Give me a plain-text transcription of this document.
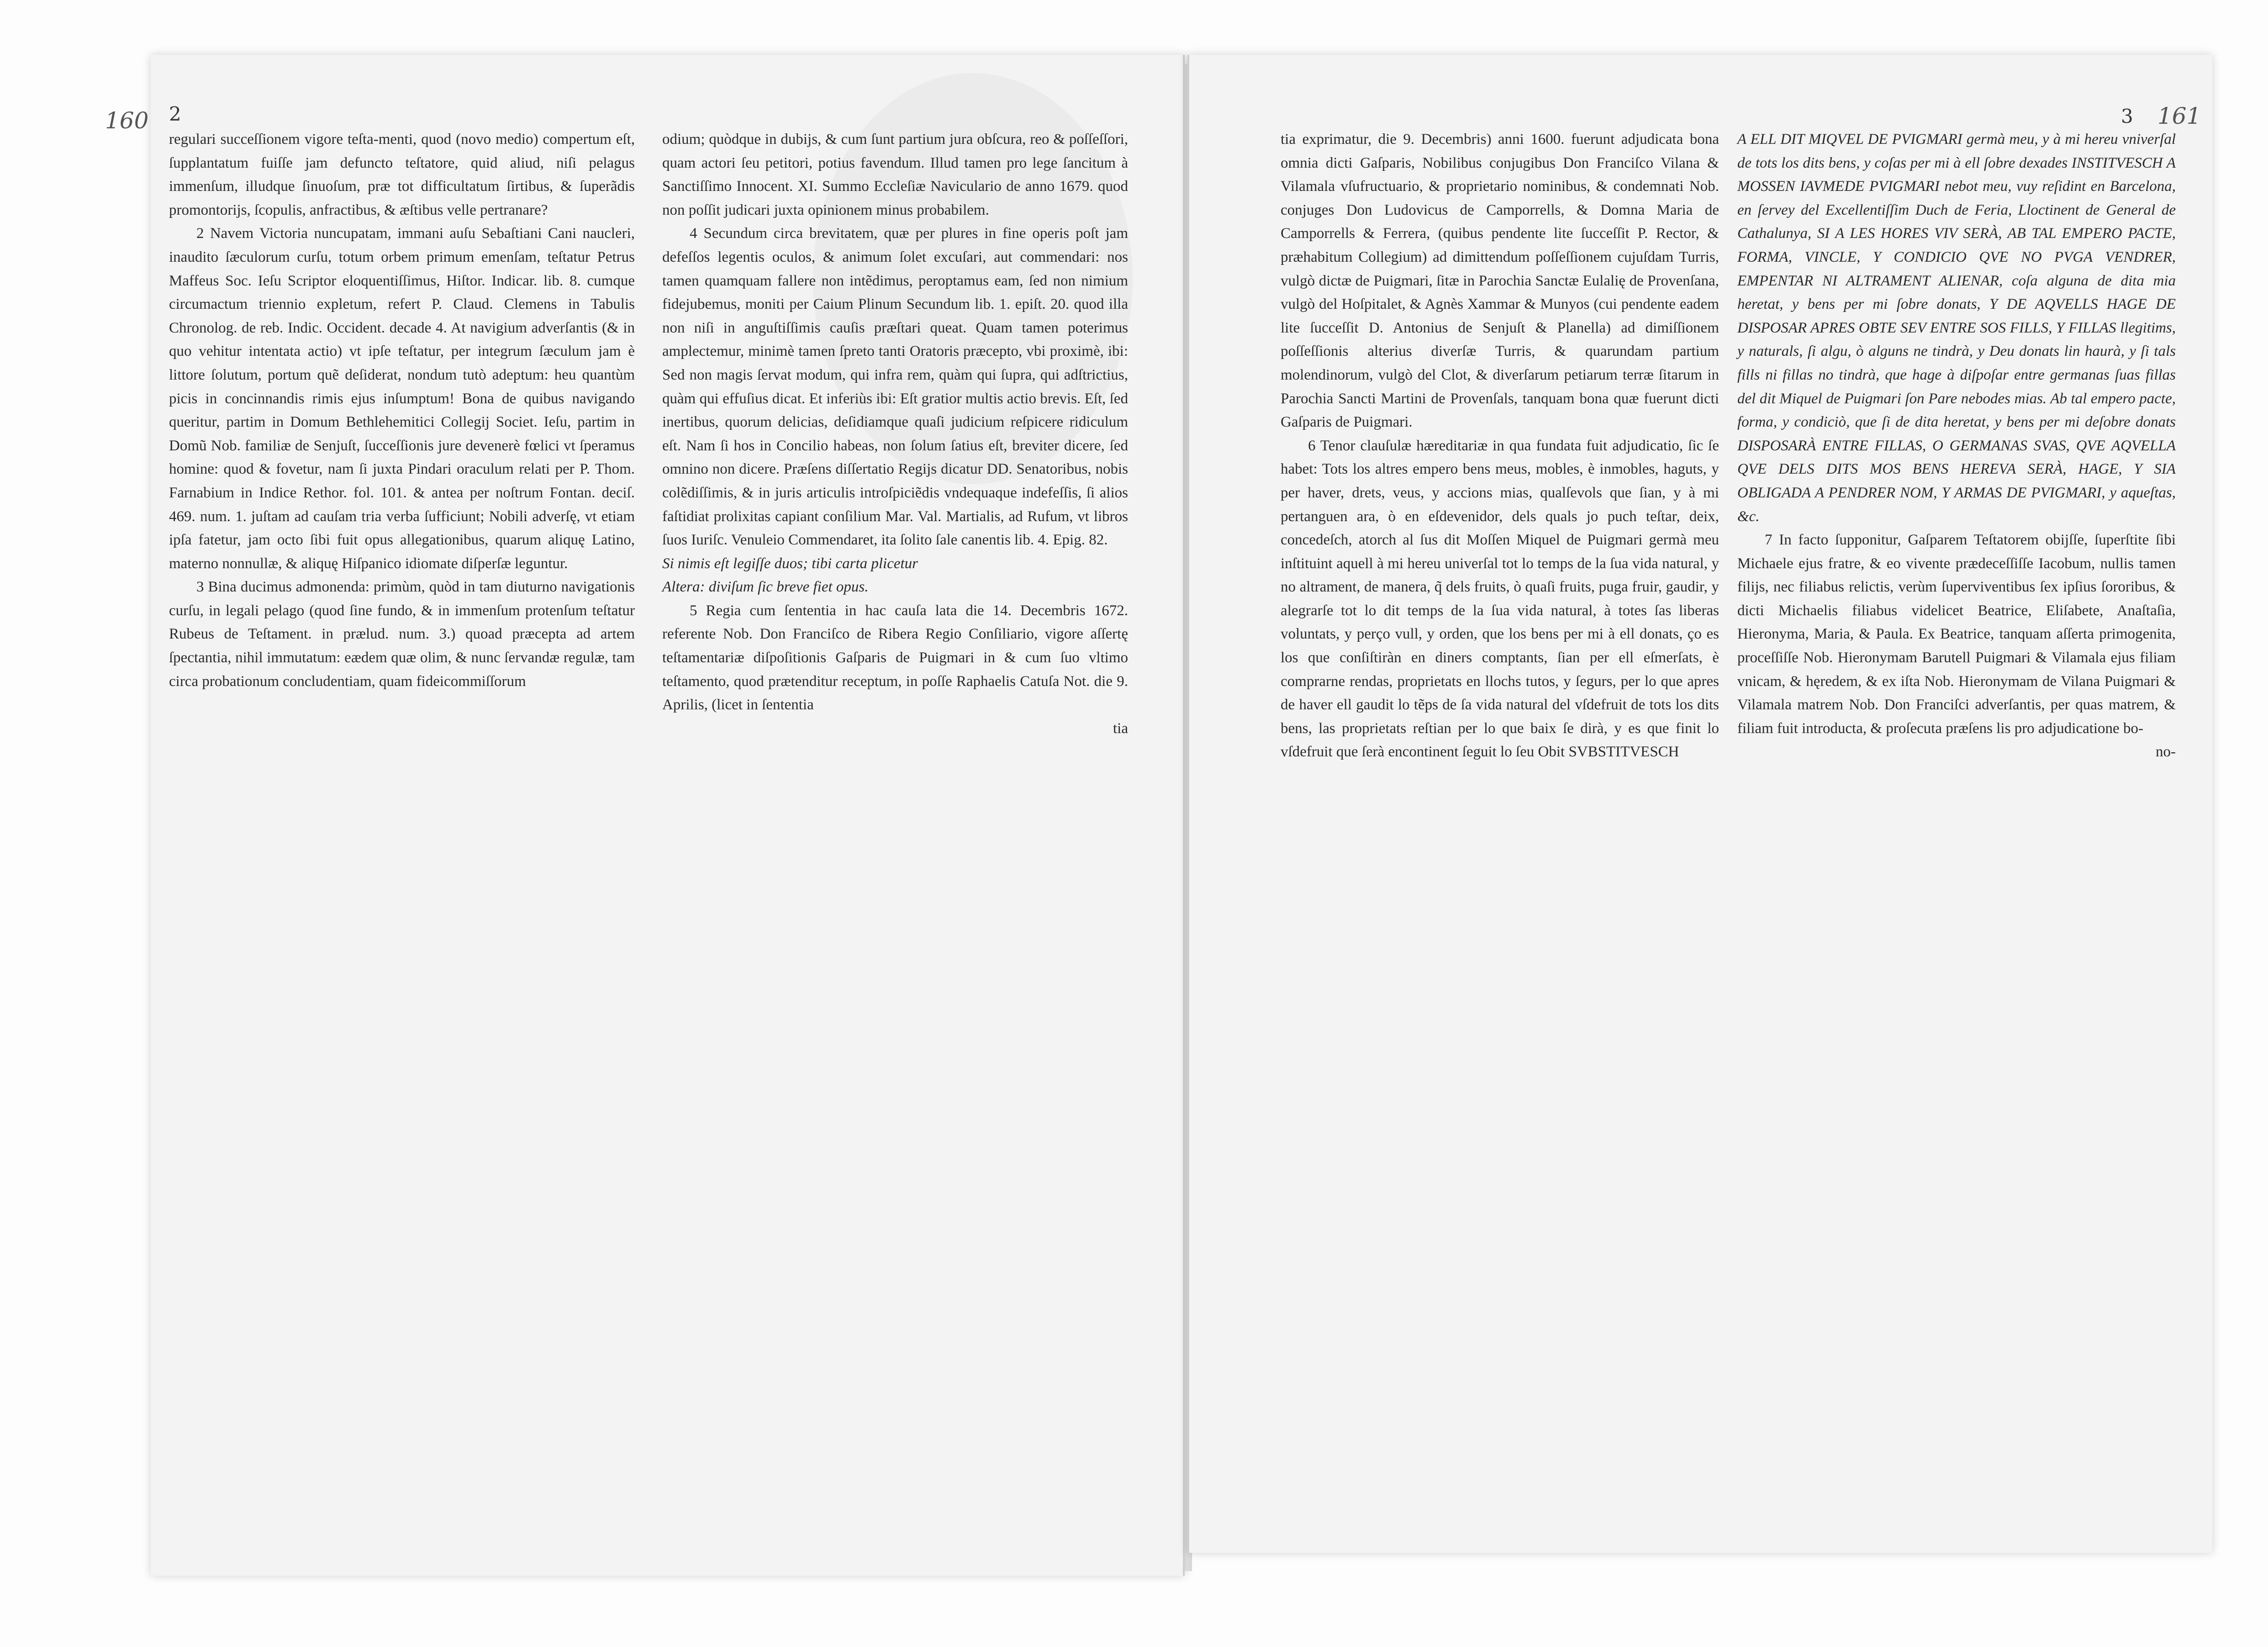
2
160

regulari succeſſionem vigore teſta-menti, quod (novo medio) compertum eſt, ſupplantatum fuiſſe jam defuncto teſtatore, quid aliud, niſi pelagus immenſum, illudque ſinuoſum, præ tot difficultatum ſirtibus, & ſuperãdis promontorijs, ſcopulis, anfractibus, & æſtibus velle pertranare?

2 Navem Victoria nuncupatam, immani auſu Sebaſtiani Cani naucleri, inaudito ſæculorum curſu, totum orbem primum emenſam, teſtatur Petrus Maffeus Soc. Ieſu Scriptor eloquentiſſimus, Hiſtor. Indicar. lib. 8. cumque circumactum triennio expletum, refert P. Claud. Clemens in Tabulis Chronolog. de reb. Indic. Occident. decade 4. At navigium adverſantis (& in quo vehitur intentata actio) vt ipſe teſtatur, per integrum ſæculum jam è littore ſolutum, portum quẽ deſiderat, nondum tutò adeptum: heu quantùm picis in concinnandis rimis ejus inſumptum! Bona de quibus navigando queritur, partim in Domum Bethlehemitici Collegij Societ. Ieſu, partim in Domũ Nob. familiæ de Senjuſt, ſucceſſionis jure devenerè fœlici vt ſperamus homine: quod & fovetur, nam ſi juxta Pindari oraculum relati per P. Thom. Farnabium in Indice Rethor. fol. 101. & antea per noſtrum Fontan. deciſ. 469. num. 1. juſtam ad cauſam tria verba ſufficiunt; Nobili adverſę, vt etiam ipſa fatetur, jam octo ſibi fuit opus allegationibus, quarum aliquę Latino, materno nonnullæ, & aliquę Hiſpanico idiomate diſperſæ leguntur.

3 Bina ducimus admonenda: primùm, quòd in tam diuturno navigationis curſu, in legali pelago (quod ſine fundo, & in immenſum protenſum teſtatur Rubeus de Teſtament. in prælud. num. 3.) quoad præcepta ad artem ſpectantia, nihil immutatum: eædem quæ olim, & nunc ſervandæ regulæ, tam circa probationum concludentiam, quam fideicommiſſorum

odium; quòdque in dubijs, & cum ſunt partium jura obſcura, reo & poſſeſſori, quam actori ſeu petitori, potius favendum. Illud tamen pro lege ſancitum à Sanctiſſimo Innocent. XI. Summo Eccleſiæ Naviculario de anno 1679. quod non poſſit judicari juxta opinionem minus probabilem.

4 Secundum circa brevitatem, quæ per plures in fine operis poſt jam defeſſos legentis oculos, & animum ſolet excuſari, aut commendari: nos tamen quamquam fallere non intẽdimus, peroptamus eam, ſed non nimium fidejubemus, moniti per Caium Plinum Secundum lib. 1. epiſt. 20. quod illa non niſi in anguſtiſſimis cauſis præſtari queat. Quam tamen poterimus amplectemur, minimè tamen ſpreto tanti Oratoris præcepto, vbi proximè, ibi: Sed non magis ſervat modum, qui infra rem, quàm qui ſupra, qui adſtrictius, quàm qui effuſius dicat. Et inferiùs ibi: Eſt gratior multis actio brevis. Eſt, ſed inertibus, quorum delicias, deſidiamque quaſi judicium reſpicere ridiculum eſt. Nam ſi hos in Concilio habeas, non ſolum ſatius eſt, breviter dicere, ſed omnino non dicere. Præſens diſſertatio Regijs dicatur DD. Senatoribus, nobis colẽdiſſimis, & in juris articulis introſpiciẽdis vndequaque indefeſſis, ſi alios faſtidiat prolixitas capiant conſilium Mar. Val. Martialis, ad Rufum, vt libros ſuos Iuriſc. Venuleio Commendaret, ita ſolito ſale canentis lib. 4. Epig. 82.

Si nimis eſt legiſſe duos; tibi carta plicetur

Altera: diviſum ſic breve fiet opus.

5 Regia cum ſententia in hac cauſa lata die 14. Decembris 1672. referente Nob. Don Franciſco de Ribera Regio Conſiliario, vigore aſſertę teſtamentariæ diſpoſitionis Gaſparis de Puigmari in & cum ſuo vltimo teſtamento, quod prætenditur receptum, in poſſe Raphaelis Catuſa Not. die 9. Aprilis, (licet in ſententia

tia

3 161

tia exprimatur, die 9. Decembris) anni 1600. fuerunt adjudicata bona omnia dicti Gaſparis, Nobilibus conjugibus Don Franciſco Vilana & Vilamala vſufructuario, & proprietario nominibus, & condemnati Nob. conjuges Don Ludovicus de Camporrells, & Domna Maria de Camporrells & Ferrera, (quibus pendente lite ſucceſſit P. Rector, & præhabitum Collegium) ad dimittendum poſſeſſionem cujuſdam Turris, vulgò dictæ de Puigmari, ſitæ in Parochia Sanctæ Eulalię de Provenſana, vulgò del Hoſpitalet, & Agnès Xammar & Munyos (cui pendente eadem lite ſucceſſit D. Antonius de Senjuſt & Planella) ad dimiſſionem poſſeſſionis alterius diverſæ Turris, & quarundam partium molendinorum, vulgò del Clot, & diverſarum petiarum terræ ſitarum in Parochia Sancti Martini de Provenſals, tanquam bona quæ fuerunt dicti Gaſparis de Puigmari.

6 Tenor clauſulæ hæreditariæ in qua fundata fuit adjudicatio, ſic ſe habet: Tots los altres empero bens meus, mobles, è inmobles, haguts, y per haver, drets, veus, y accions mias, qualſevols que ſian, y à mi pertanguen ara, ò en eſdevenidor, dels quals jo puch teſtar, deix, concedeſch, atorch al ſus dit Moſſen Miquel de Puigmari germà meu inſtituint aquell à mi hereu univerſal tot lo temps de la ſua vida natural, y no altrament, de manera, q̃ dels fruits, ò quaſi fruits, puga fruir, gaudir, y alegrarſe tot lo dit temps de la ſua vida natural, à totes ſas liberas voluntats, y perço vull, y orden, que los bens per mi à ell donats, ço es los que conſiſtiràn en diners comptants, ſian per ell eſmerſats, è comprarne rendas, proprietats en llochs tutos, y ſegurs, per lo que apres de haver ell gaudit lo tẽps de ſa vida natural del vſdefruit de tots los dits bens, las proprietats reſtian per lo que baix ſe dirà, y es que finit lo vſdefruit que ſerà encontinent ſeguit lo ſeu Obit SVBSTITVESCH

A ELL DIT MIQVEL DE PVIGMARI germà meu, y à mi hereu vniverſal de tots los dits bens, y coſas per mi à ell ſobre dexades INSTITVESCH A MOSSEN IAVMEDE PVIGMARI nebot meu, vuy reſidint en Barcelona, en ſervey del Excellentiſſim Duch de Feria, Lloctinent de General de Cathalunya, SI A LES HORES VIV SERÀ, AB TAL EMPERO PACTE, FORMA, VINCLE, Y CONDICIO QVE NO PVGA VENDRER, EMPENTAR NI ALTRAMENT ALIENAR, coſa alguna de dita mia heretat, y bens per mi ſobre donats, Y DE AQVELLS HAGE DE DISPOSAR APRES OBTE SEV ENTRE SOS FILLS, Y FILLAS llegitims, y naturals, ſi algu, ò alguns ne tindrà, y Deu donats lin haurà, y ſi tals fills ni fillas no tindrà, que hage à diſpoſar entre germanas ſuas fillas del dit Miquel de Puigmari ſon Pare nebodes mias. Ab tal empero pacte, forma, y condiciò, que ſi de dita heretat, y bens per mi deſobre donats DISPOSARÀ ENTRE FILLAS, O GERMANAS SVAS, QVE AQVELLA QVE DELS DITS MOS BENS HEREVA SERÀ, HAGE, Y SIA OBLIGADA A PENDRER NOM, Y ARMAS DE PVIGMARI, y aqueſtas, &c.

7 In facto ſupponitur, Gaſparem Teſtatorem obijſſe, ſuperſtite ſibi Michaele ejus fratre, & eo vivente prædeceſſiſſe Iacobum, nullis tamen filijs, nec filiabus relictis, verùm ſuperviventibus ſex ipſius ſororibus, & dicti Michaelis filiabus videlicet Beatrice, Eliſabete, Anaſtaſia, Hieronyma, Maria, & Paula. Ex Beatrice, tanquam aſſerta primogenita, proceſſiſſe Nob. Hieronymam Barutell Puigmari & Vilamala ejus filiam vnicam, & hęredem, & ex iſta Nob. Hieronymam de Vilana Puigmari & Vilamala matrem Nob. Don Franciſci adverſantis, per quas matrem, & filiam fuit introducta, & proſecuta præſens lis pro adjudicatione bo-

no-
